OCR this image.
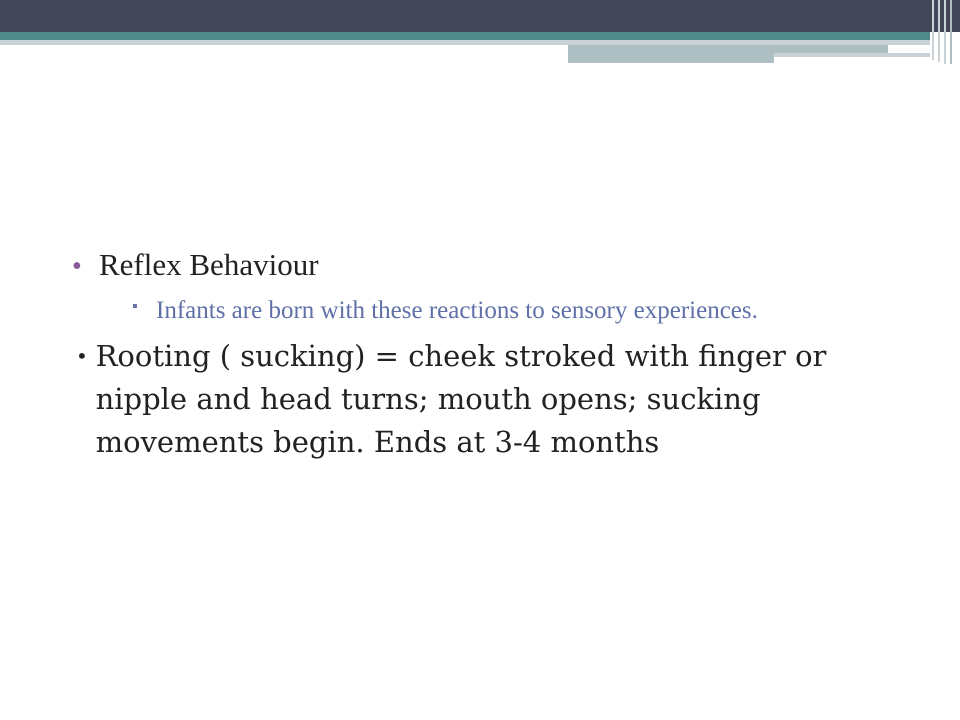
• Reflex Behaviour
▪ Infants are born with these reactions to sensory experiences.
• Rooting ( sucking) = cheek stroked with finger or nipple and head turns; mouth opens; sucking movements begin. Ends at 3-4 months
